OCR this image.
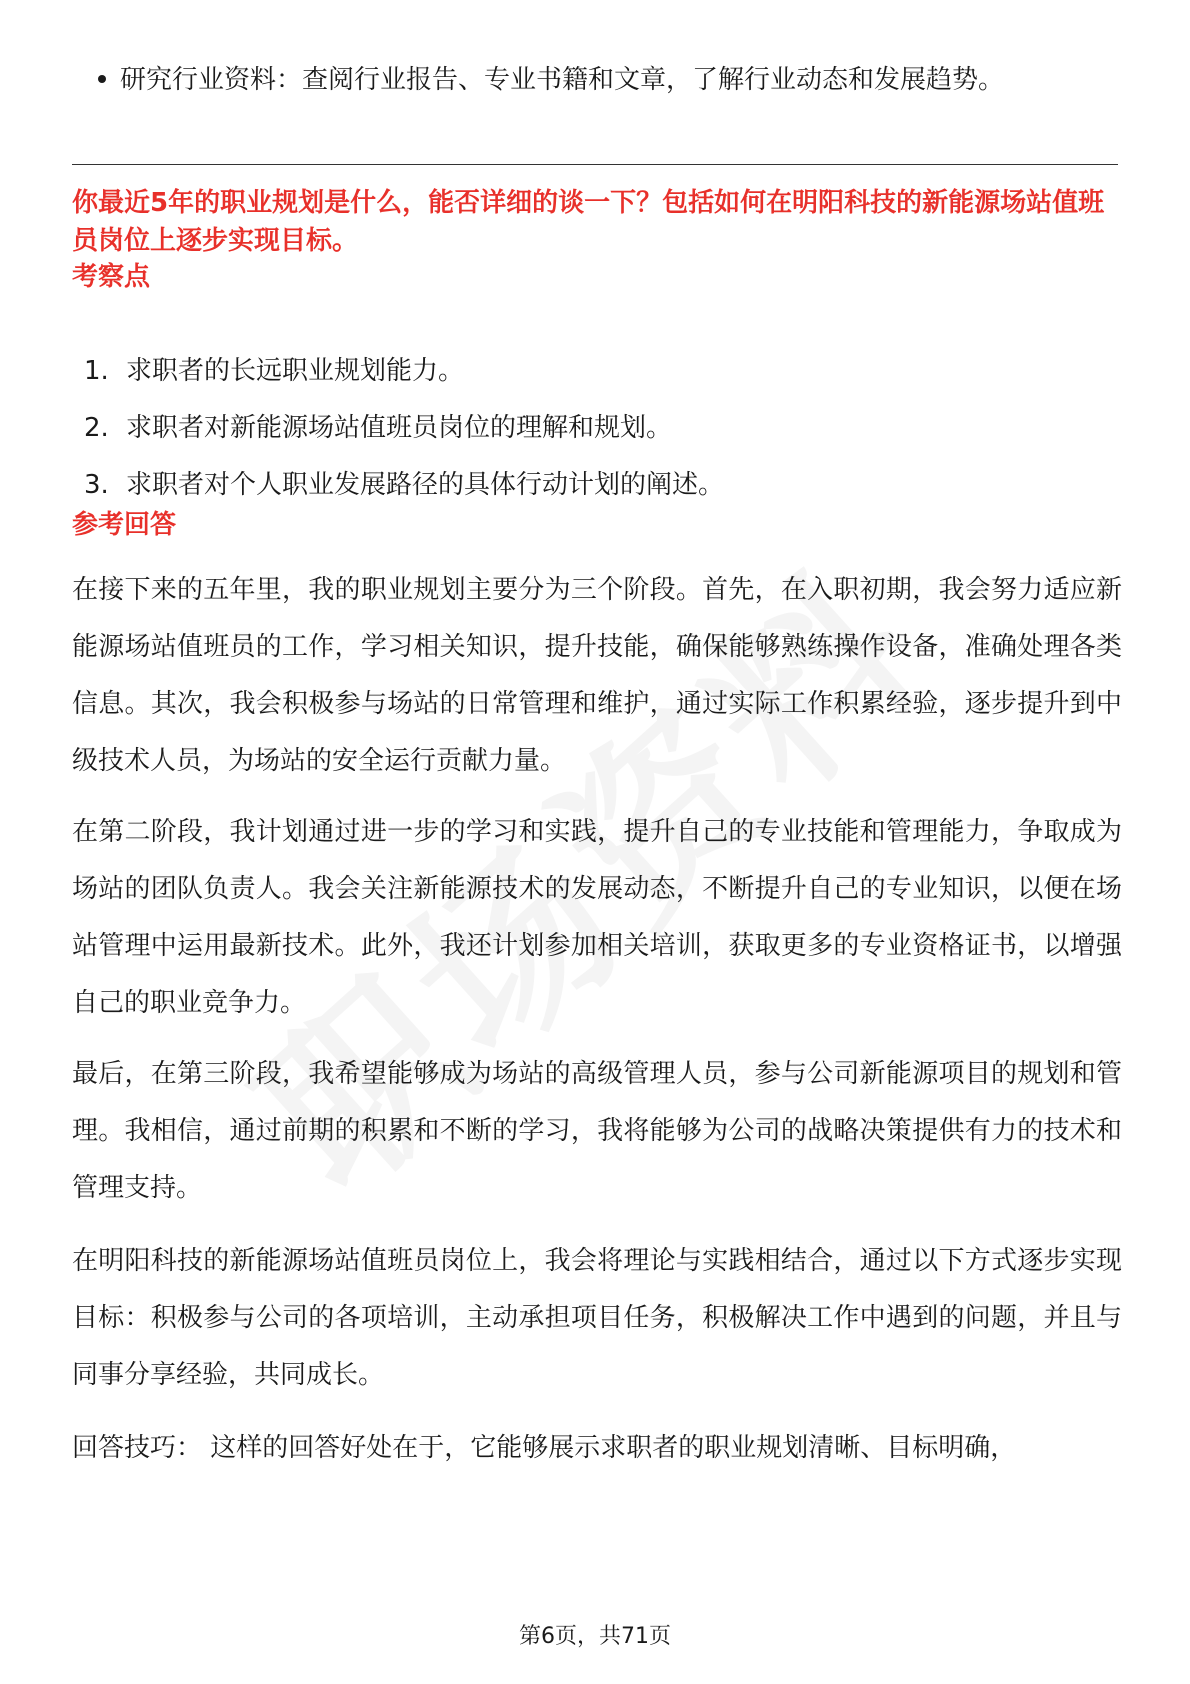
研究行业资料：查阅行业报告、专业书籍和文章，了解行业动态和发展趋势。
你最近5年的职业规划是什么，能否详细的谈一下？包括如何在明阳科技的新能源场站值班员岗位上逐步实现目标。
考察点
1. 求职者的长远职业规划能力。
2. 求职者对新能源场站值班员岗位的理解和规划。
3. 求职者对个人职业发展路径的具体行动计划的阐述。
参考回答

在接下来的五年里，我的职业规划主要分为三个阶段。首先，在入职初期，我会努力适应新能源场站值班员的工作，学习相关知识，提升技能，确保能够熟练操作设备，准确处理各类信息。其次，我会积极参与场站的日常管理和维护，通过实际工作积累经验，逐步提升到中级技术人员，为场站的安全运行贡献力量。

在第二阶段，我计划通过进一步的学习和实践，提升自己的专业技能和管理能力，争取成为场站的团队负责人。我会关注新能源技术的发展动态，不断提升自己的专业知识，以便在场站管理中运用最新技术。此外，我还计划参加相关培训，获取更多的专业资格证书，以增强自己的职业竞争力。

最后，在第三阶段，我希望能够成为场站的高级管理人员，参与公司新能源项目的规划和管理。我相信，通过前期的积累和不断的学习，我将能够为公司的战略决策提供有力的技术和管理支持。

在明阳科技的新能源场站值班员岗位上，我会将理论与实践相结合，通过以下方式逐步实现目标：积极参与公司的各项培训，主动承担项目任务，积极解决工作中遇到的问题，并且与同事分享经验，共同成长。

回答技巧： 这样的回答好处在于，它能够展示求职者的职业规划清晰、目标明确，

第6页，共71页
